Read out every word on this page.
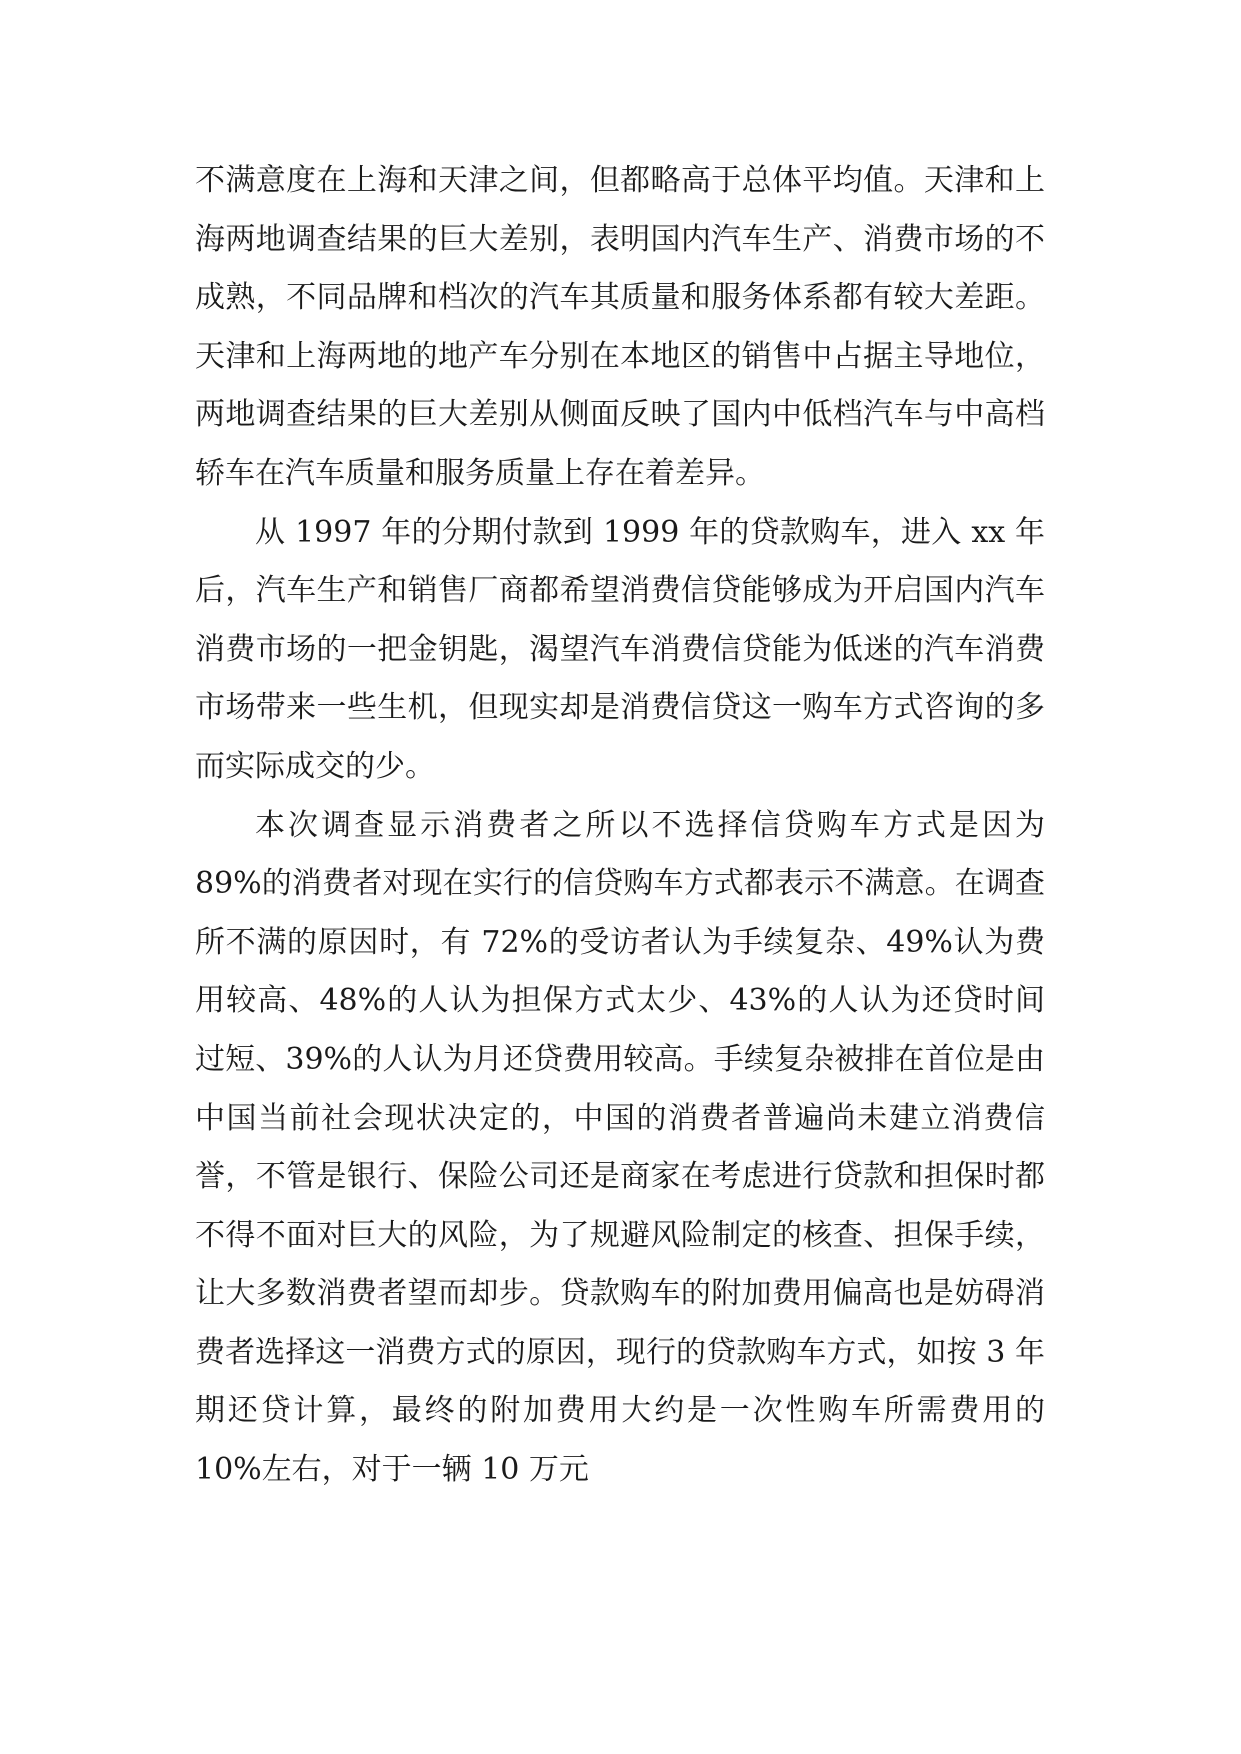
不满意度在上海和天津之间，但都略高于总体平均值。天津和上海两地调查结果的巨大差别，表明国内汽车生产、消费市场的不成熟，不同品牌和档次的汽车其质量和服务体系都有较大差距。天津和上海两地的地产车分别在本地区的销售中占据主导地位，两地调查结果的巨大差别从侧面反映了国内中低档汽车与中高档轿车在汽车质量和服务质量上存在着差异。

从 1997 年的分期付款到 1999 年的贷款购车，进入 xx 年后，汽车生产和销售厂商都希望消费信贷能够成为开启国内汽车消费市场的一把金钥匙，渴望汽车消费信贷能为低迷的汽车消费市场带来一些生机，但现实却是消费信贷这一购车方式咨询的多而实际成交的少。

本次调查显示消费者之所以不选择信贷购车方式是因为 89%的消费者对现在实行的信贷购车方式都表示不满意。在调查所不满的原因时，有 72%的受访者认为手续复杂、49%认为费用较高、48%的人认为担保方式太少、43%的人认为还贷时间过短、39%的人认为月还贷费用较高。手续复杂被排在首位是由中国当前社会现状决定的，中国的消费者普遍尚未建立消费信誉，不管是银行、保险公司还是商家在考虑进行贷款和担保时都不得不面对巨大的风险，为了规避风险制定的核查、担保手续，让大多数消费者望而却步。贷款购车的附加费用偏高也是妨碍消费者选择这一消费方式的原因，现行的贷款购车方式，如按 3 年期还贷计算，最终的附加费用大约是一次性购车所需费用的 10%左右，对于一辆 10 万元
